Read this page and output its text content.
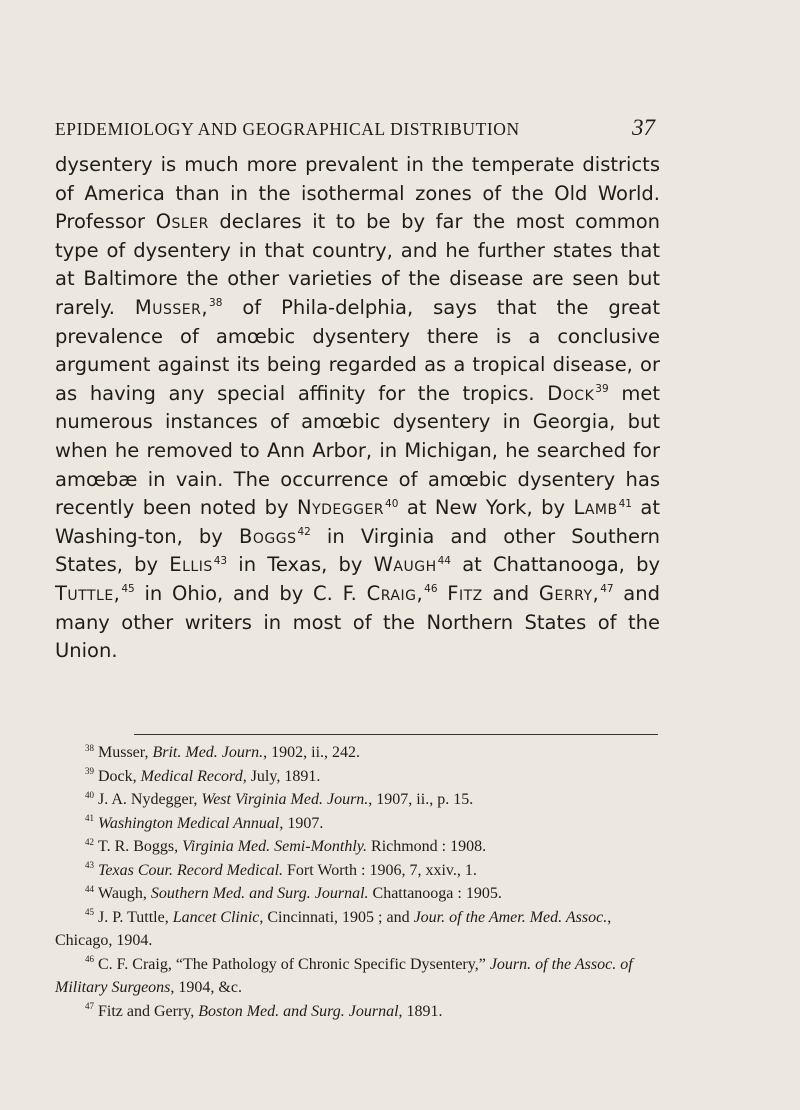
EPIDEMIOLOGY AND GEOGRAPHICAL DISTRIBUTION	37
dysentery is much more prevalent in the temperate districts of America than in the isothermal zones of the Old World. Professor Osler declares it to be by far the most common type of dysentery in that country, and he further states that at Baltimore the other varieties of the disease are seen but rarely. Musser,$^{38}$ of Phila-delphia, says that the great prevalence of amœbic dysentery there is a conclusive argument against its being regarded as a tropical disease, or as having any special affinity for the tropics. Dock$^{39}$ met numerous instances of amœbic dysentery in Georgia, but when he removed to Ann Arbor, in Michigan, he searched for amœbæ in vain. The occurrence of amœbic dysentery has recently been noted by Nydegger$^{40}$ at New York, by Lamb$^{41}$ at Washing-ton, by Boggs$^{42}$ in Virginia and other Southern States, by Ellis$^{43}$ in Texas, by Waugh$^{44}$ at Chattanooga, by Tuttle,$^{45}$ in Ohio, and by C. F. Craig,$^{46}$ Fitz and Gerry,$^{47}$ and many other writers in most of the Northern States of the Union.
$^{38}$ Musser, Brit. Med. Journ., 1902, ii., 242.
$^{39}$ Dock, Medical Record, July, 1891.
$^{40}$ J. A. Nydegger, West Virginia Med. Journ., 1907, ii., p. 15.
$^{41}$ Washington Medical Annual, 1907.
$^{42}$ T. R. Boggs, Virginia Med. Semi-Monthly. Richmond : 1908.
$^{43}$ Texas Cour. Record Medical. Fort Worth : 1906, 7, xxiv., 1.
$^{44}$ Waugh, Southern Med. and Surg. Journal. Chattanooga : 1905.
$^{45}$ J. P. Tuttle, Lancet Clinic, Cincinnati, 1905 ; and Jour. of the Amer. Med. Assoc., Chicago, 1904.
$^{46}$ C. F. Craig, “The Pathology of Chronic Specific Dysentery,” Journ. of the Assoc. of Military Surgeons, 1904, &c.
$^{47}$ Fitz and Gerry, Boston Med. and Surg. Journal, 1891.
